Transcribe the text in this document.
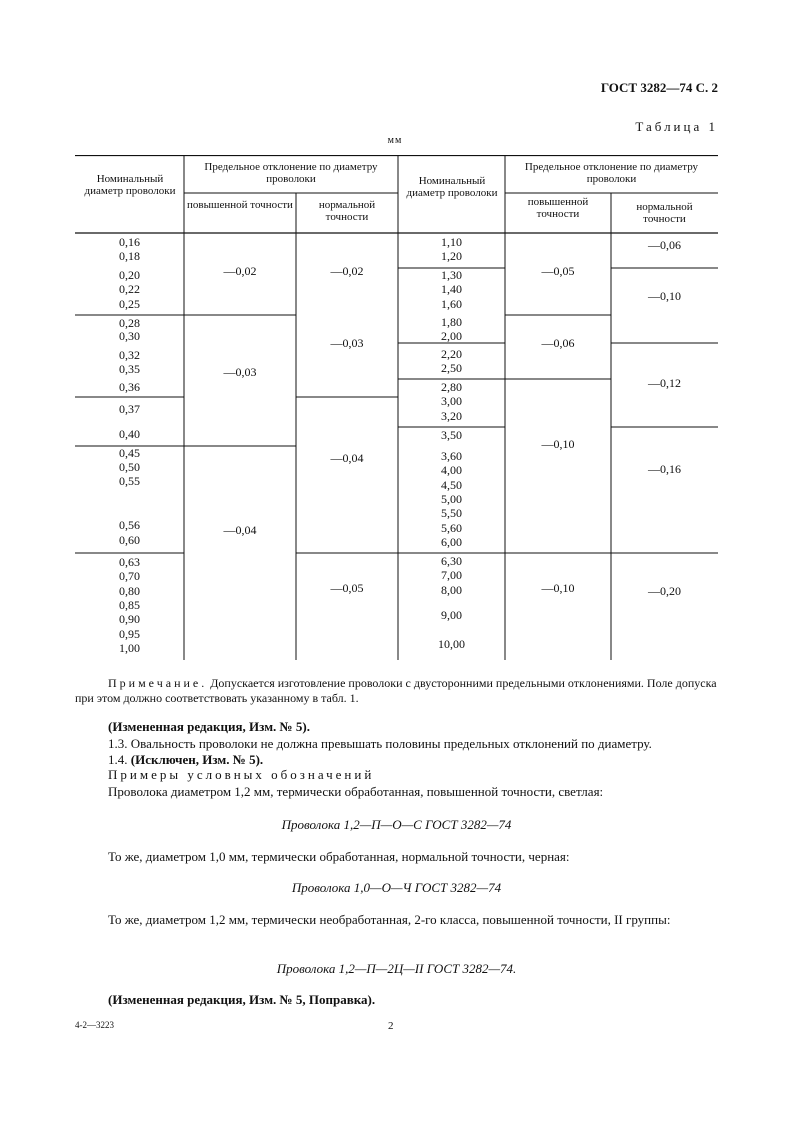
ГОСТ 3282—74 С. 2
Таблица 1
мм
Номинальный диаметр проволоки
Предельное отклонение по диаметру проволоки
повышенной точности	нормальной точности
Номинальный диаметр проволоки
Предельное отклонение по диаметру проволоки
повышенной точности
нормальной точности
0,16
0,18
0,20
0,22
0,25
0,28
0,30
0,32
0,35
0,36
0,37
0,40
0,45
0,50
0,55
0,56
0,60
0,63
0,70
0,80
0,85
0,90
0,95
1,00
—0,02
—0,03
—0,04
—0,02
—0,03
—0,04
—0,05
1,10
1,20
1,30
1,40
1,60
1,80
2,00
2,20
2,50
2,80
3,00
3,20
3,50
3,60
4,00
4,50
5,00
5,50
5,60
6,00
6,30
7,00
8,00
9,00
10,00
—0,05
—0,06
—0,10
—0,10
—0,06
—0,10
—0,12
—0,16
—0,20
Примечание. Допускается изготовление проволоки с двусторонними предельными отклонениями. Поле допуска при этом должно соответствовать указанному в табл. 1.
(Измененная редакция, Изм. № 5).
1.3. Овальность проволоки не должна превышать половины предельных отклонений по диаметру.
1.4. (Исключен, Изм. № 5).
Примеры условных обозначений
Проволока диаметром 1,2 мм, термически обработанная, повышенной точности, светлая:
Проволока 1,2—П—О—С ГОСТ 3282—74
То же, диаметром 1,0 мм, термически обработанная, нормальной точности, черная:
Проволока 1,0—О—Ч ГОСТ 3282—74
То же, диаметром 1,2 мм, термически необработанная, 2-го класса, повышенной точности, II группы:
Проволока 1,2—П—2Ц—II ГОСТ 3282—74.
(Измененная редакция, Изм. № 5, Поправка).
4-2—3223	2
